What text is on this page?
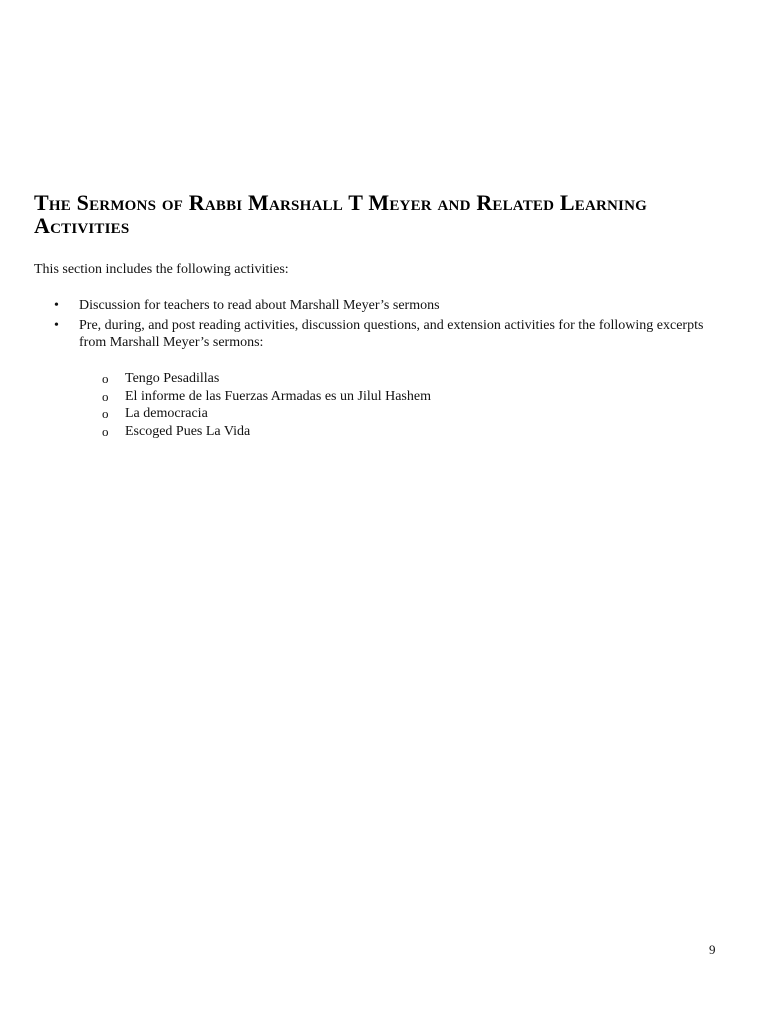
The Sermons of Rabbi Marshall T Meyer and Related Learning Activities

This section includes the following activities:

• Discussion for teachers to read about Marshall Meyer’s sermons
• Pre, during, and post reading activities, discussion questions, and extension activities for the following excerpts from Marshall Meyer’s sermons:
o Tengo Pesadillas
o El informe de las Fuerzas Armadas es un Jilul Hashem
o La democracia
o Escoged Pues La Vida
9
